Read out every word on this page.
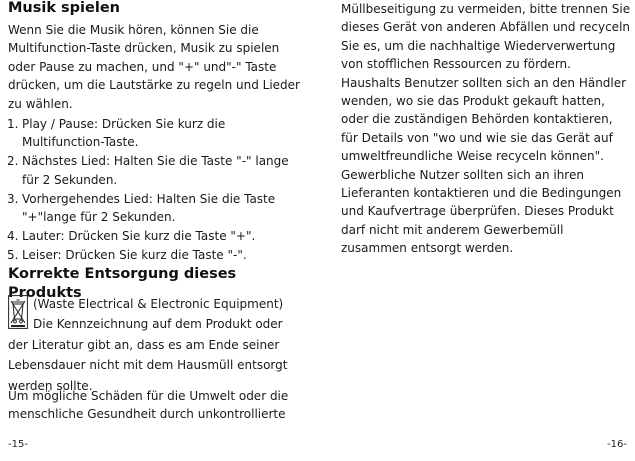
Musik spielen

Wenn Sie die Musik hören, können Sie die Multifunction-Taste drücken, Musik zu spielen oder Pause zu machen, und "+" und"-" Taste drücken, um die Lautstärke zu regeln und Lieder zu wählen.

1. Play / Pause: Drücken Sie kurz die Multifunction-Taste.
2. Nächstes Lied: Halten Sie die Taste "-" lange für 2 Sekunden.
3. Vorhergehendes Lied: Halten Sie die Taste "+"lange für 2 Sekunden.
4. Lauter: Drücken Sie kurz die Taste "+".
5. Leiser: Drücken Sie kurz die Taste "-".
Korrekte Entsorgung dieses Produkts
(Waste Electrical & Electronic Equipment) Die Kennzeichnung auf dem Produkt oder der Literatur gibt an, dass es am Ende seiner Lebensdauer nicht mit dem Hausmüll entsorgt werden sollte.

Um mögliche Schäden für die Umwelt oder die menschliche Gesundheit durch unkontrollierte

-15-

Müllbeseitigung zu vermeiden, bitte trennen Sie dieses Gerät von anderen Abfällen und recyceln Sie es, um die nachhaltige Wiederverwertung von stofflichen Ressourcen zu fördern. Haushalts Benutzer sollten sich an den Händler wenden, wo sie das Produkt gekauft hatten, oder die zuständigen Behörden kontaktieren, für Details von "wo und wie sie das Gerät auf umweltfreundliche Weise recyceln können". Gewerbliche Nutzer sollten sich an ihren Lieferanten kontaktieren und die Bedingungen und Kaufvertrage überprüfen. Dieses Produkt darf nicht mit anderem Gewerbemüll zusammen entsorgt werden.

-16-
